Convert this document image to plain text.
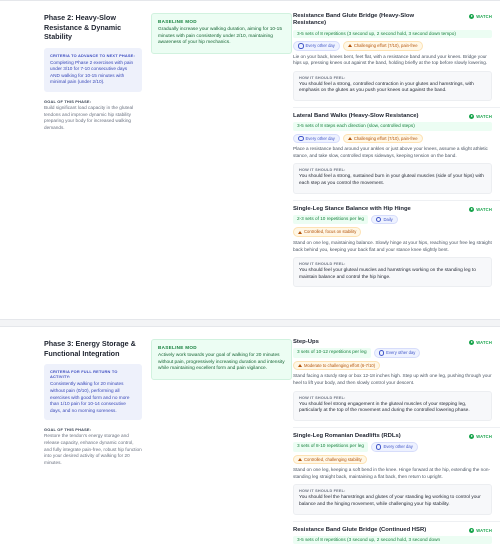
Phase 2: Heavy-Slow Resistance & Dynamic Stability
CRITERIA TO ADVANCE TO NEXT PHASE:
Completing Phase 2 exercises with pain under 3/10 for 7-10 consecutive days AND walking for 10-15 minutes with minimal pain (under 2/10).
GOAL OF THIS PHASE:
Build significant load capacity in the gluteal tendons and improve dynamic hip stability preparing your body for increased walking demands.
BASELINE MOD
Gradually increase your walking duration, aiming for 10-15 minutes with pain consistently under 2/10, maintaining awareness of your hip mechanics.
Resistance Band Glute Bridge (Heavy-Slow Resistance)
WATCH
3-5 sets of 8 repetitions (3 second up, 2 second hold, 3 second down tempo)
Every other day	Challenging effort (7/10), pain-free
Lie on your back, knees bent, feet flat, with a resistance band around your knees. Bridge your hips up, pressing knees out against the band, holding briefly at the top before slowly lowering.
HOW IT SHOULD FEEL:
You should feel a strong, controlled contraction in your glutes and hamstrings, with emphasis on the glutes as you push your knees out against the band.
Lateral Band Walks (Heavy-Slow Resistance)	WATCH
3-5 sets of 8 steps each direction (slow, controlled steps)
Every other day	Challenging effort (7/10), pain-free
Place a resistance band around your ankles or just above your knees, assume a slight athletic stance, and take slow, controlled steps sideways, keeping tension on the band.
HOW IT SHOULD FEEL:
You should feel a strong, sustained burn in your gluteal muscles (side of your hips) with each step as you control the movement.
Single-Leg Stance Balance with Hip Hinge	WATCH
2-3 sets of 10 repetitions per leg	Daily
Controlled, focus on stability
Stand on one leg, maintaining balance. Slowly hinge at your hips, reaching your free leg straight back behind you, keeping your back flat and your stance knee slightly bent.
HOW IT SHOULD FEEL:
You should feel your gluteal muscles and hamstrings working on the standing leg to maintain balance and control the hip hinge.
Phase 3: Energy Storage & Functional Integration
CRITERIA FOR FULL RETURN TO ACTIVITY:
Consistently walking for 20 minutes without pain (0/10), performing all exercises with good form and no more than 1/10 pain for 10-14 consecutive days, and no morning soreness.
GOAL OF THIS PHASE:
Restore the tendon's energy storage and release capacity, enhance dynamic control, and fully integrate pain-free, robust hip function into your desired activity of walking for 20 minutes.
BASELINE MOD
Actively work towards your goal of walking for 20 minutes without pain, progressively increasing duration and intensity while maintaining excellent form and pain vigilance.
Step-Ups	WATCH
3 sets of 10-12 repetitions per leg	Every other day
Moderate to challenging effort (6-7/10)
Stand facing a sturdy step or box 12-18 inches high. Step up with one leg, pushing through your heel to lift your body, and then slowly control your descent.
HOW IT SHOULD FEEL:
You should feel strong engagement in the gluteal muscles of your stepping leg, particularly at the top of the movement and during the controlled lowering phase.
Single-Leg Romanian Deadlifts (RDLs)	WATCH
3 sets of 8-10 repetitions per leg	Every other day
Controlled, challenging stability
Stand on one leg, keeping a soft bend in the knee. Hinge forward at the hip, extending the non-standing leg straight back, maintaining a flat back, then return to upright.
HOW IT SHOULD FEEL:
You should feel the hamstrings and glutes of your standing leg working to control your balance and the hinging movement, while challenging your hip stability.
Resistance Band Glute Bridge (Continued HSR)	WATCH
3-5 sets of 8 repetitions (3 second up, 2 second hold, 3 second down
